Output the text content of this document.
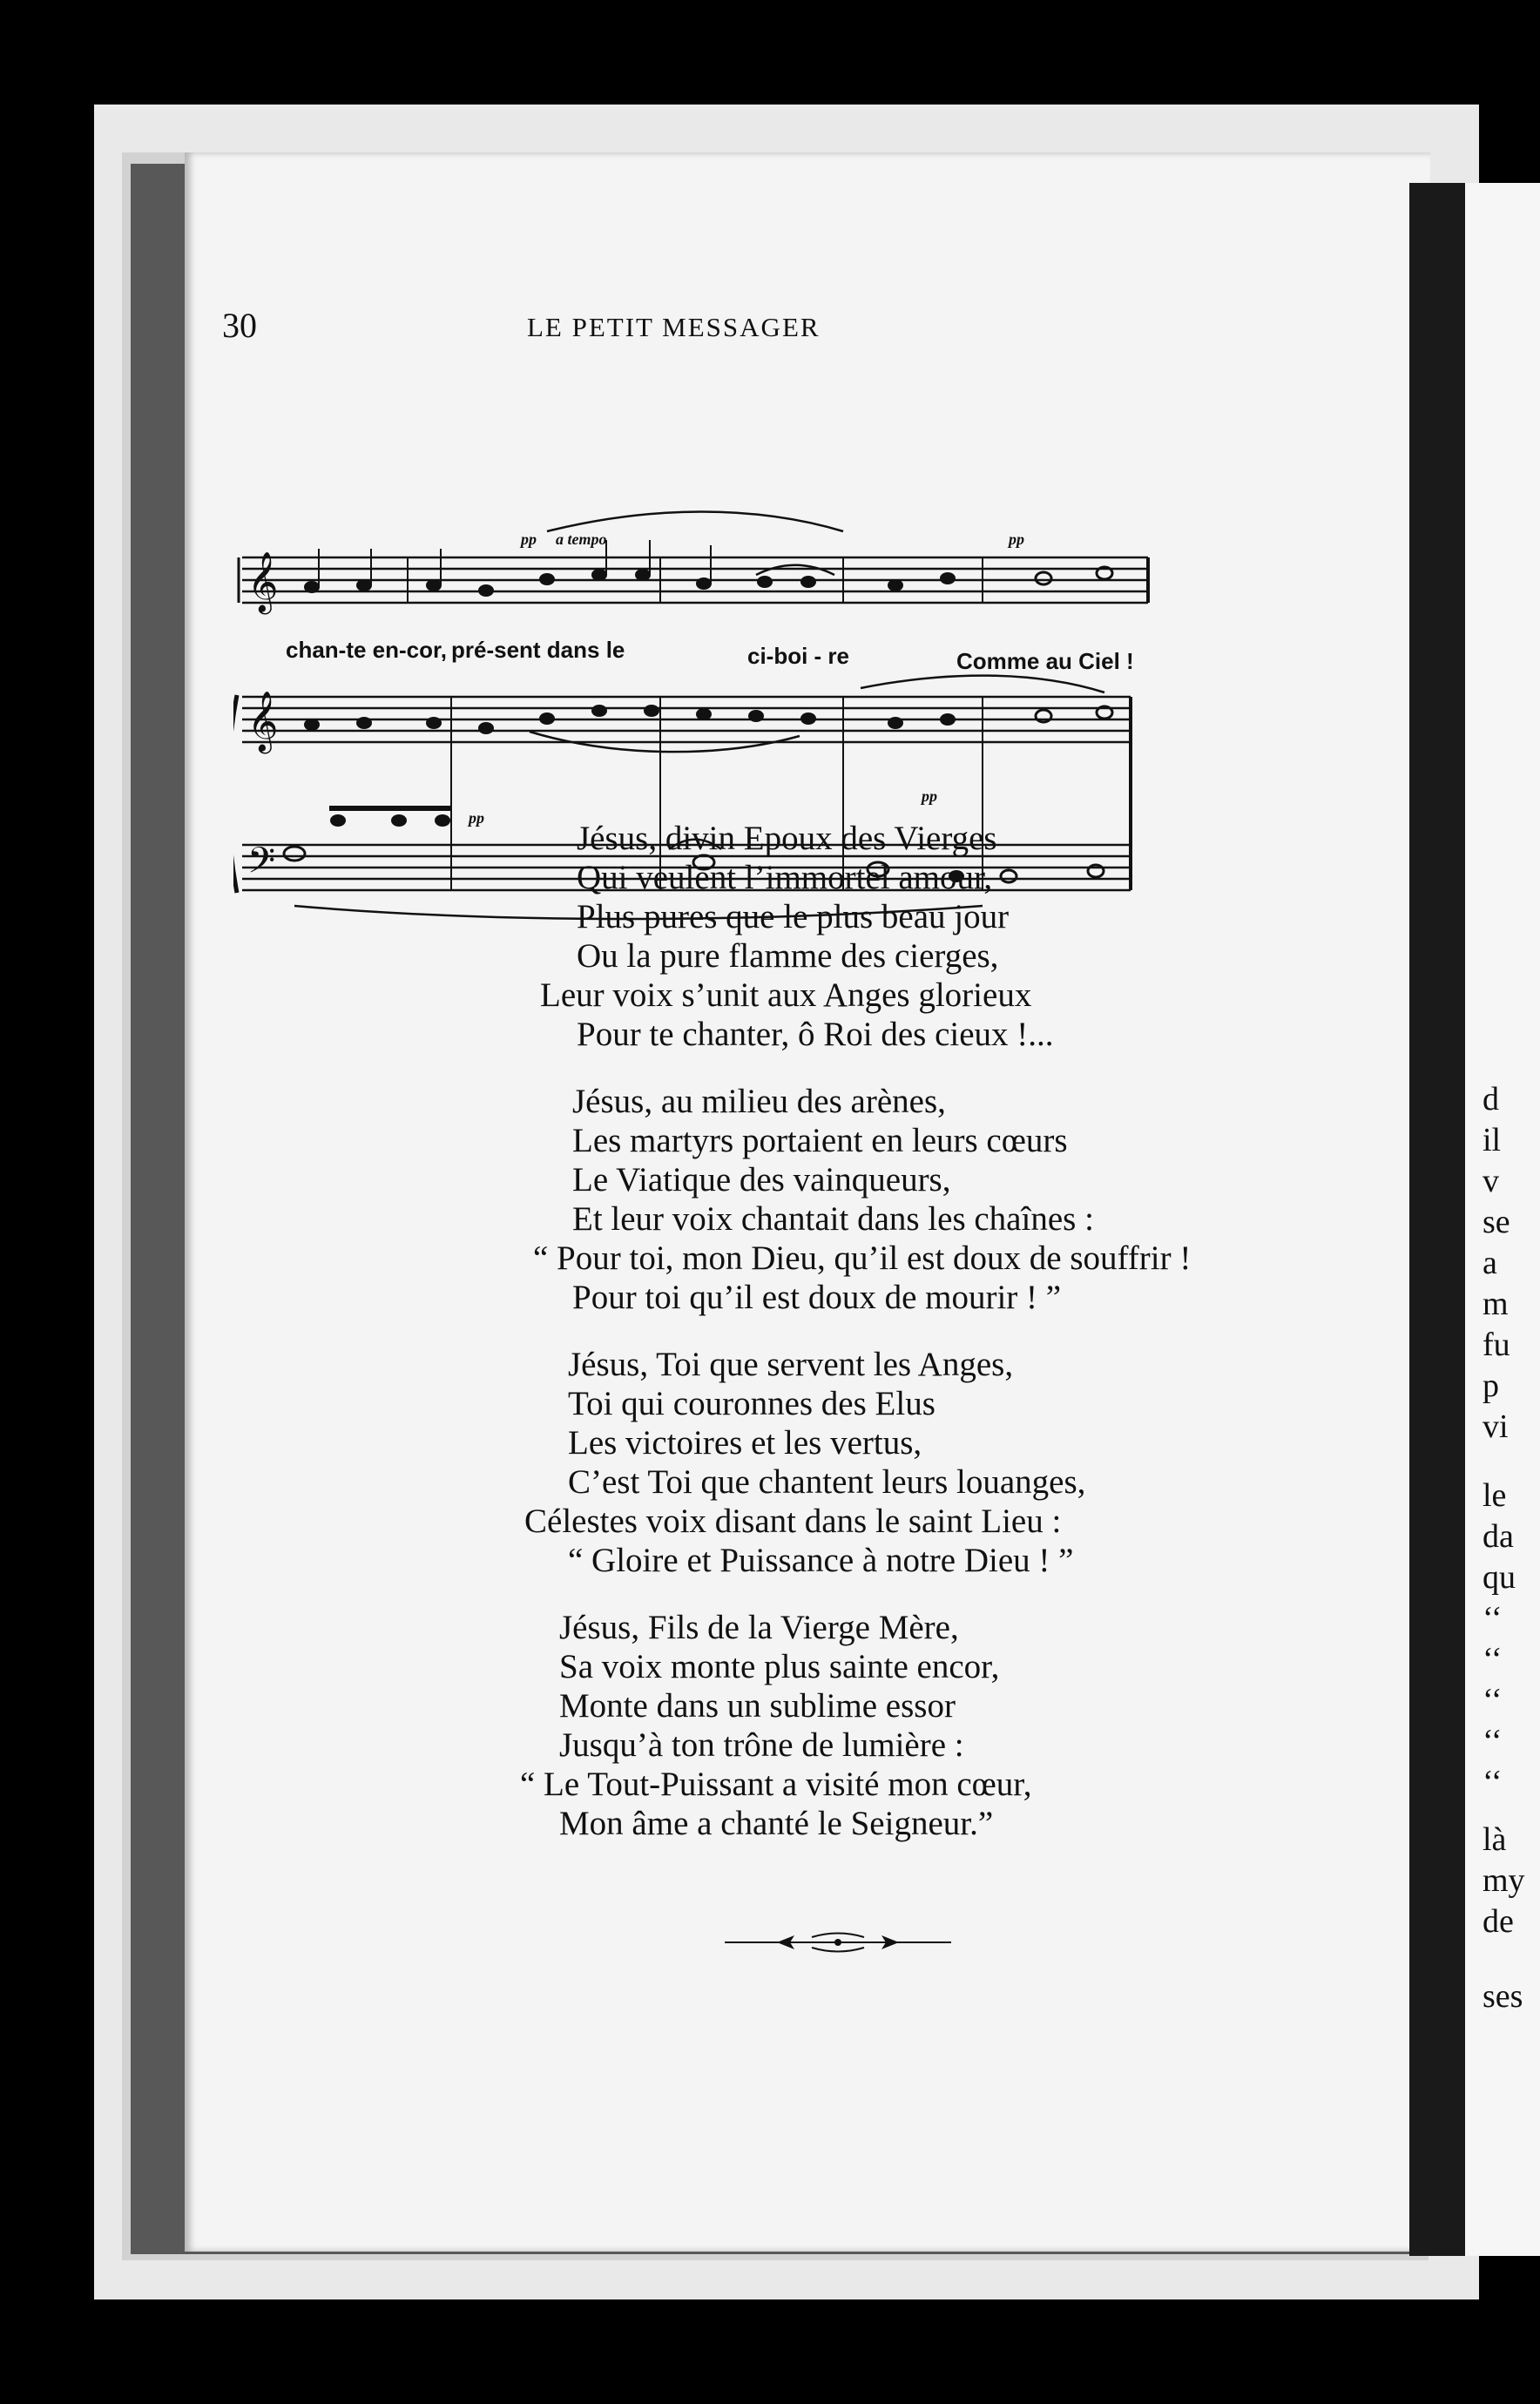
30	LE PETIT MESSAGER
𝄞
𝄞
𝄢
pp a tempo	pp
pp
pp
chan-te en-cor, pré-sent dans le	ci-boi - re	Comme au Ciel !
Jésus, divin Epoux des Vierges
Qui veulent l’immortel amour,
Plus pures que le plus beau jour
Ou la pure flamme des cierges,
Leur voix s’unit aux Anges glorieux
Pour te chanter, ô Roi des cieux !...
Jésus, au milieu des arènes,
Les martyrs portaient en leurs cœurs
Le Viatique des vainqueurs,
Et leur voix chantait dans les chaînes :
“ Pour toi, mon Dieu, qu’il est doux de souffrir !
Pour toi qu’il est doux de mourir ! ”
Jésus, Toi que servent les Anges,
Toi qui couronnes des Elus
Les victoires et les vertus,
C’est Toi que chantent leurs louanges,
Célestes voix disant dans le saint Lieu :
“ Gloire et Puissance à notre Dieu ! ”
Jésus, Fils de la Vierge Mère,
Sa voix monte plus sainte encor,
Monte dans un sublime essor
Jusqu’à ton trône de lumière :
“ Le Tout-Puissant a visité mon cœur,
Mon âme a chanté le Seigneur.”
d
il
v
se
a
m
fu
p
vi
le
da
qu
‘‘
‘‘
‘‘
‘‘
‘‘
là
my
de
ses
